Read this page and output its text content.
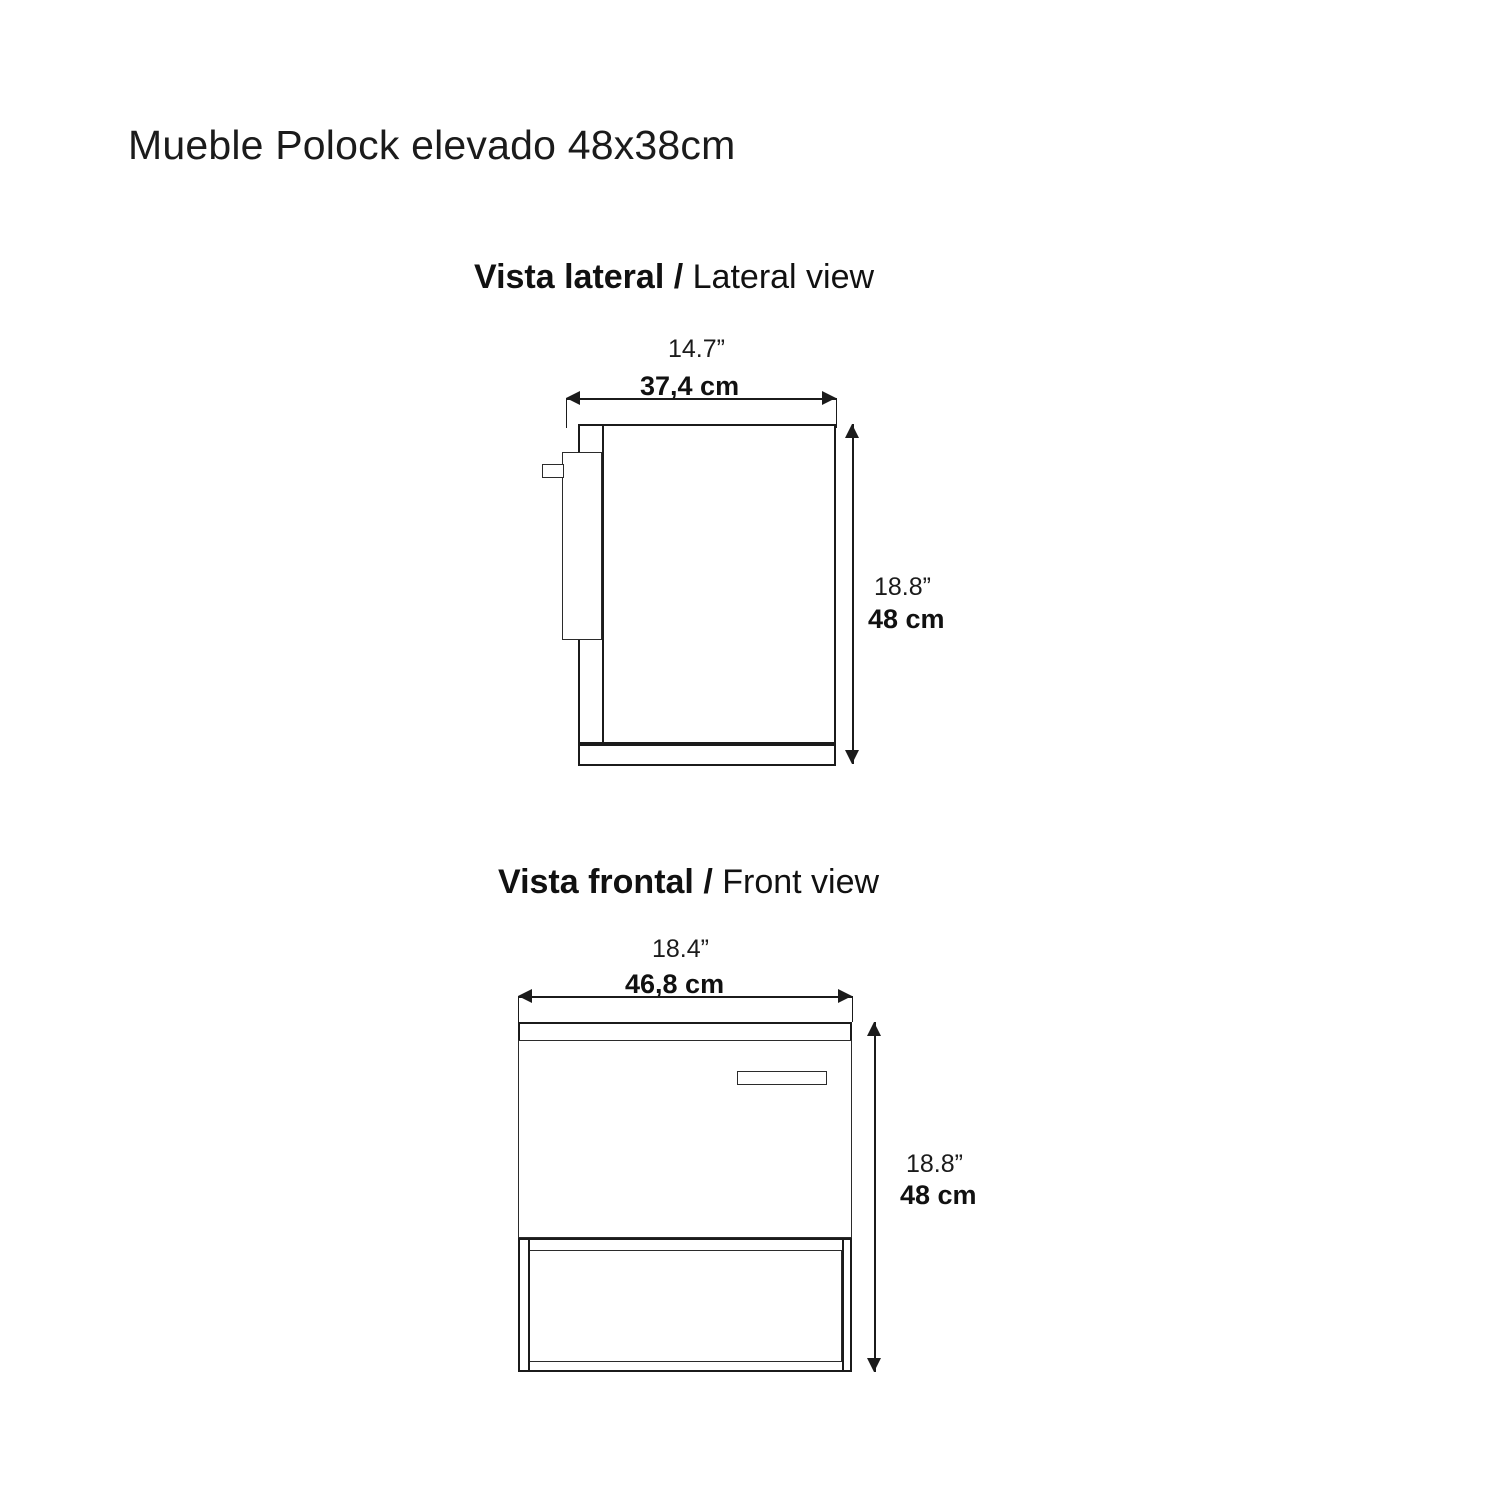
Mueble Polock elevado 48x38cm
Vista lateral / Lateral view
14.7”
37,4 cm
18.8”
48 cm
Vista frontal / Front view
18.4”
46,8 cm
18.8”
48 cm
